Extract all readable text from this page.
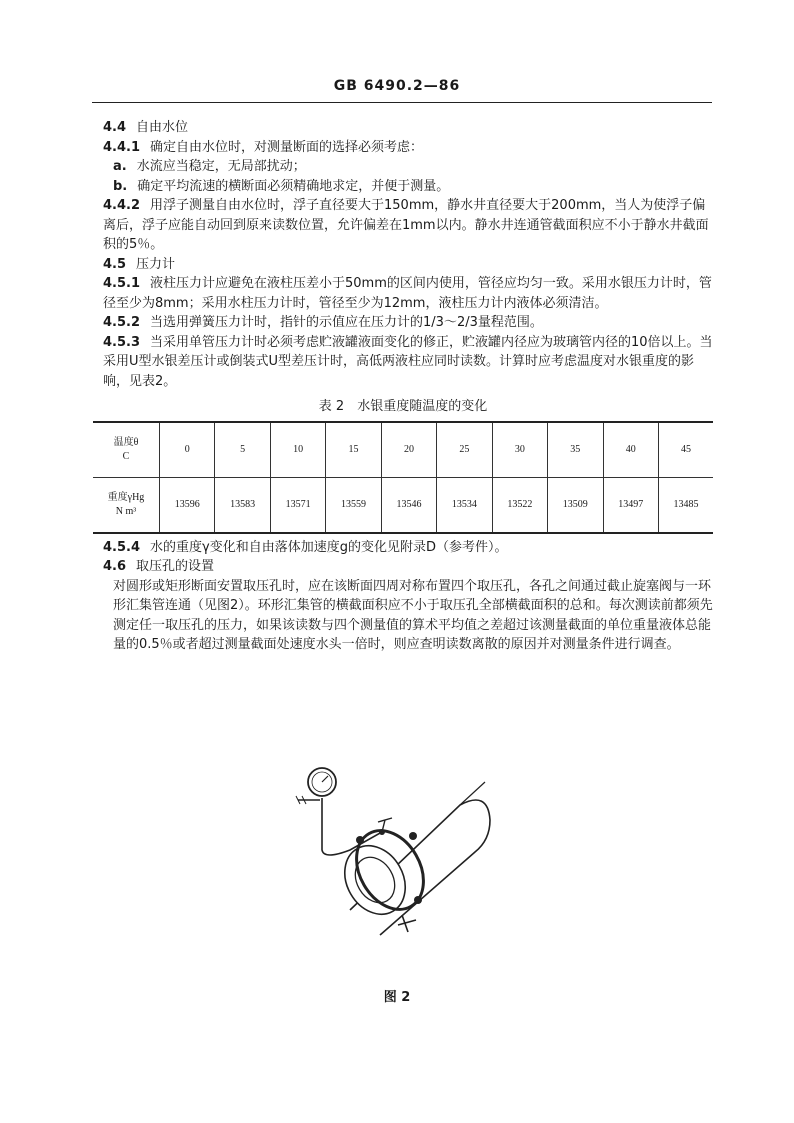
GB 6490.2—86

4.4 自由水位

4.4.1 确定自由水位时，对测量断面的选择必须考虑：

a. 水流应当稳定，无局部扰动；

b. 确定平均流速的横断面必须精确地求定，并便于测量。

4.4.2 用浮子测量自由水位时，浮子直径要大于150mm，静水井直径要大于200mm，当人为使浮子偏离后，浮子应能自动回到原来读数位置，允许偏差在1mm以内。静水井连通管截面积应不小于静水井截面积的5％。

4.5 压力计

4.5.1 液柱压力计应避免在液柱压差小于50mm的区间内使用，管径应均匀一致。采用水银压力计时，管径至少为8mm；采用水柱压力计时，管径至少为12mm，液柱压力计内液体必须清洁。

4.5.2 当选用弹簧压力计时，指针的示值应在压力计的1/3～2/3量程范围。

4.5.3 当采用单管压力计时必须考虑贮液罐液面变化的修正，贮液罐内径应为玻璃管内径的10倍以上。当采用U型水银差压计或倒装式U型差压计时，高低两液柱应同时读数。计算时应考虑温度对水银重度的影响，见表2。

表 2　水银重度随温度的变化

温度θ
C	0	5	10	15	20	25	30	35	40	45
重度γHg
N m³	13596	13583	13571	13559	13546	13534	13522	13509	13497	13485

4.5.4 水的重度γ变化和自由落体加速度g的变化见附录D（参考件）。

4.6 取压孔的设置

对圆形或矩形断面安置取压孔时，应在该断面四周对称布置四个取压孔，各孔之间通过截止旋塞阀与一环形汇集管连通（见图2）。环形汇集管的横截面积应不小于取压孔全部横截面积的总和。每次测读前都须先测定任一取压孔的压力，如果该读数与四个测量值的算术平均值之差超过该测量截面的单位重量液体总能量的0.5％或者超过测量截面处速度水头一倍时，则应查明读数离散的原因并对测量条件进行调查。

图 2
